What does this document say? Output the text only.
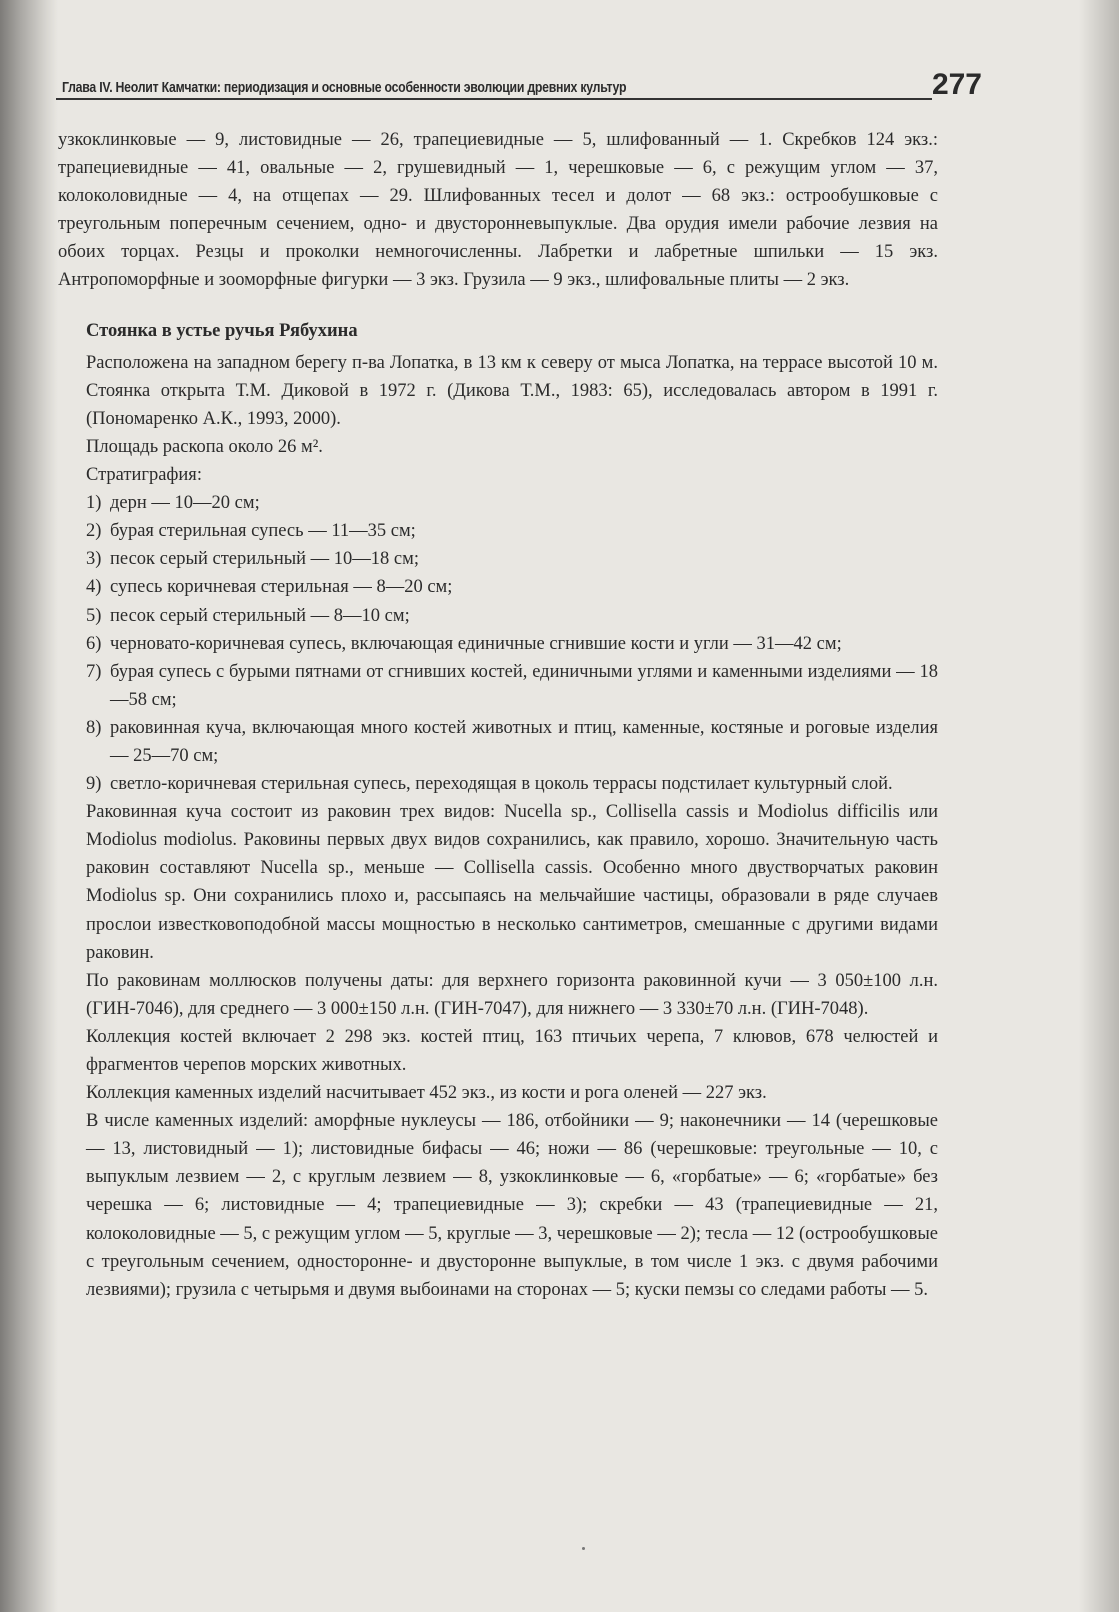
Глава IV. Неолит Камчатки: периодизация и основные особенности эволюции древних культур	277

узкоклинковые — 9, листовидные — 26, трапециевидные — 5, шлифованный — 1. Скребков 124 экз.: трапециевидные — 41, овальные — 2, грушевидный — 1, черешковые — 6, с режущим углом — 37, колоколовидные — 4, на отщепах — 29. Шлифованных тесел и долот — 68 экз.: острообушковые с треугольным поперечным сечением, одно- и двусторонневыпуклые. Два орудия имели рабочие лезвия на обоих торцах. Резцы и проколки немногочисленны. Лабретки и лабретные шпильки — 15 экз. Антропоморфные и зооморфные фигурки — 3 экз. Грузила — 9 экз., шлифовальные плиты — 2 экз.

Стоянка в устье ручья Рябухина

Расположена на западном берегу п-ва Лопатка, в 13 км к северу от мыса Лопатка, на террасе высотой 10 м. Стоянка открыта Т.М. Диковой в 1972 г. (Дикова Т.М., 1983: 65), исследовалась автором в 1991 г. (Пономаренко А.К., 1993, 2000).

Площадь раскопа около 26 м².

Стратиграфия:

1) дерн — 10—20 см;
2) бурая стерильная супесь — 11—35 см;
3) песок серый стерильный — 10—18 см;
4) супесь коричневая стерильная — 8—20 см;
5) песок серый стерильный — 8—10 см;
6) черновато-коричневая супесь, включающая единичные сгнившие кости и угли — 31—42 см;
7) бурая супесь с бурыми пятнами от сгнивших костей, единичными углями и каменными изделиями — 18—58 см;
8) раковинная куча, включающая много костей животных и птиц, каменные, костяные и роговые изделия — 25—70 см;
9) светло-коричневая стерильная супесь, переходящая в цоколь террасы подстилает культурный слой.

Раковинная куча состоит из раковин трех видов: Nucella sp., Collisella cassis и Modiolus difficilis или Modiolus modiolus. Раковины первых двух видов сохранились, как правило, хорошо. Значительную часть раковин составляют Nucella sp., меньше — Collisella cassis. Особенно много двустворчатых раковин Modiolus sp. Они сохранились плохо и, рассыпаясь на мельчайшие частицы, образовали в ряде случаев прослои известковоподобной массы мощностью в несколько сантиметров, смешанные с другими видами раковин.

По раковинам моллюсков получены даты: для верхнего горизонта раковинной кучи — 3 050±100 л.н. (ГИН-7046), для среднего — 3 000±150 л.н. (ГИН-7047), для нижнего — 3 330±70 л.н. (ГИН-7048).

Коллекция костей включает 2 298 экз. костей птиц, 163 птичьих черепа, 7 клювов, 678 челюстей и фрагментов черепов морских животных.

Коллекция каменных изделий насчитывает 452 экз., из кости и рога оленей — 227 экз.

В числе каменных изделий: аморфные нуклеусы — 186, отбойники — 9; наконечники — 14 (черешковые — 13, листовидный — 1); листовидные бифасы — 46; ножи — 86 (черешковые: треугольные — 10, с выпуклым лезвием — 2, с круглым лезвием — 8, узкоклинковые — 6, «горбатые» — 6; «горбатые» без черешка — 6; листовидные — 4; трапециевидные — 3); скребки — 43 (трапециевидные — 21, колоколовидные — 5, с режущим углом — 5, круглые — 3, черешковые — 2); тесла — 12 (острообушковые с треугольным сечением, односторонне- и двусторонне выпуклые, в том числе 1 экз. с двумя рабочими лезвиями); грузила с четырьмя и двумя выбоинами на сторонах — 5; куски пемзы со следами работы — 5.
